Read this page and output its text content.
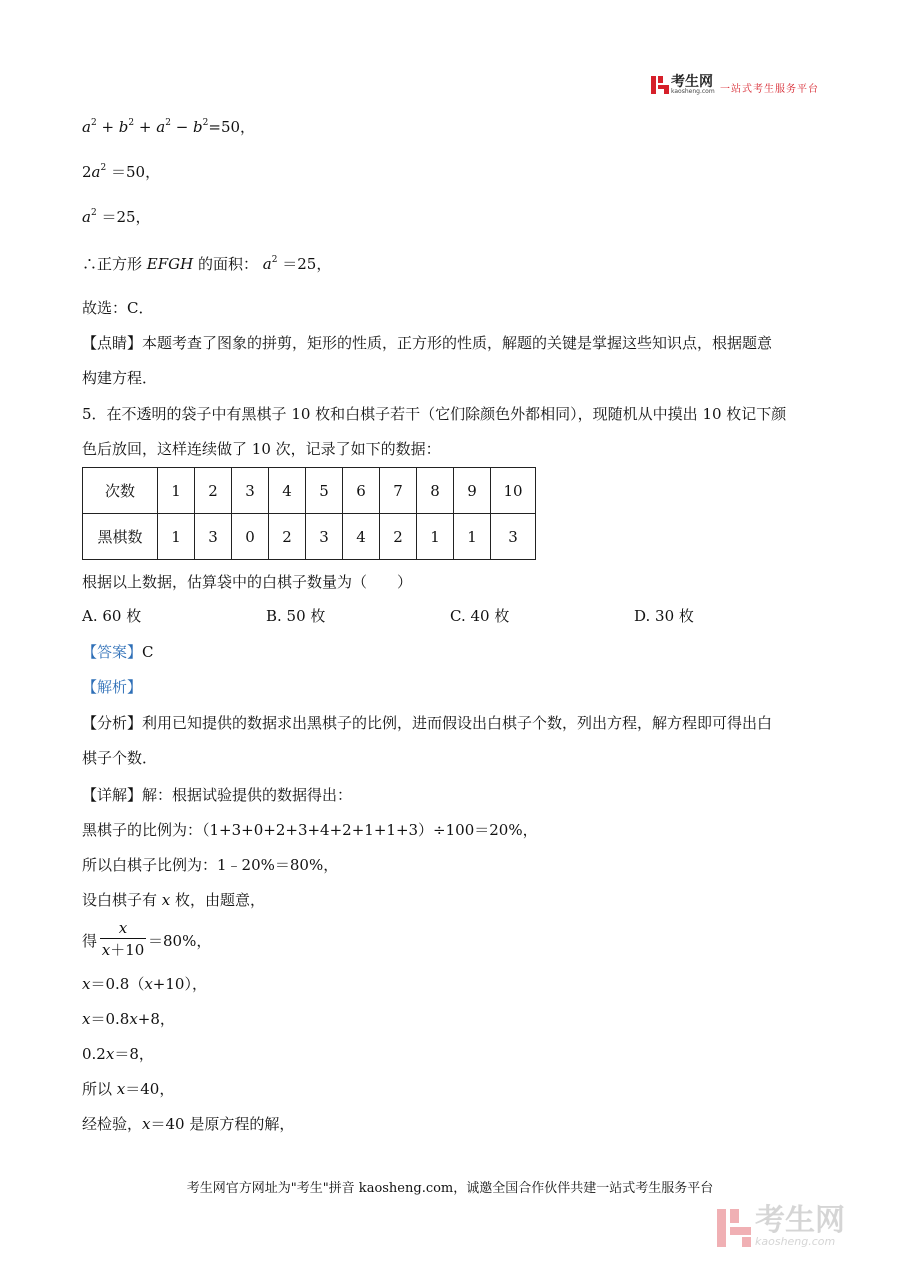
考生网
kaosheng.com 一站式考生服务平台
$a^2 + b^2 + a^2 - b^2=50$，
$2a^2 =50$，
$a^2 =25$，
∴正方形 EFGH 的面积： $a^2 =25$，
故选：C．
【点睛】本题考查了图象的拼剪，矩形的性质，正方形的性质，解题的关键是掌握这些知识点，根据题意
构建方程．
5．在不透明的袋子中有黑棋子 10 枚和白棋子若干（它们除颜色外都相同），现随机从中摸出 10 枚记下颜
色后放回，这样连续做了 10 次，记录了如下的数据：
次数	1	2	3	4	5	6	7	8	9	10
黑棋数	1	3	0	2	3	4	2	1	1	3
根据以上数据，估算袋中的白棋子数量为（　　）
A. 60 枚	B. 50 枚	C. 40 枚	D. 30 枚
【答案】C
【解析】
【分析】利用已知提供的数据求出黑棋子的比例，进而假设出白棋子个数，列出方程，解方程即可得出白
棋子个数．
【详解】解：根据试验提供的数据得出：
黑棋子的比例为：（1+3+0+2+3+4+2+1+1+3）÷100＝20%，
所以白棋子比例为：1﹣20%＝80%，
设白棋子有 x 枚，由题意，
得
x
x＋10 ＝80%，
x＝0.8（x+10），
x＝0.8x+8，
0.2x＝8，
所以 x＝40，
经检验，x＝40 是原方程的解，
考生网官方网址为"考生"拼音 kaosheng.com，诚邀全国合作伙伴共建一站式考生服务平台
考生网
kaosheng.com
